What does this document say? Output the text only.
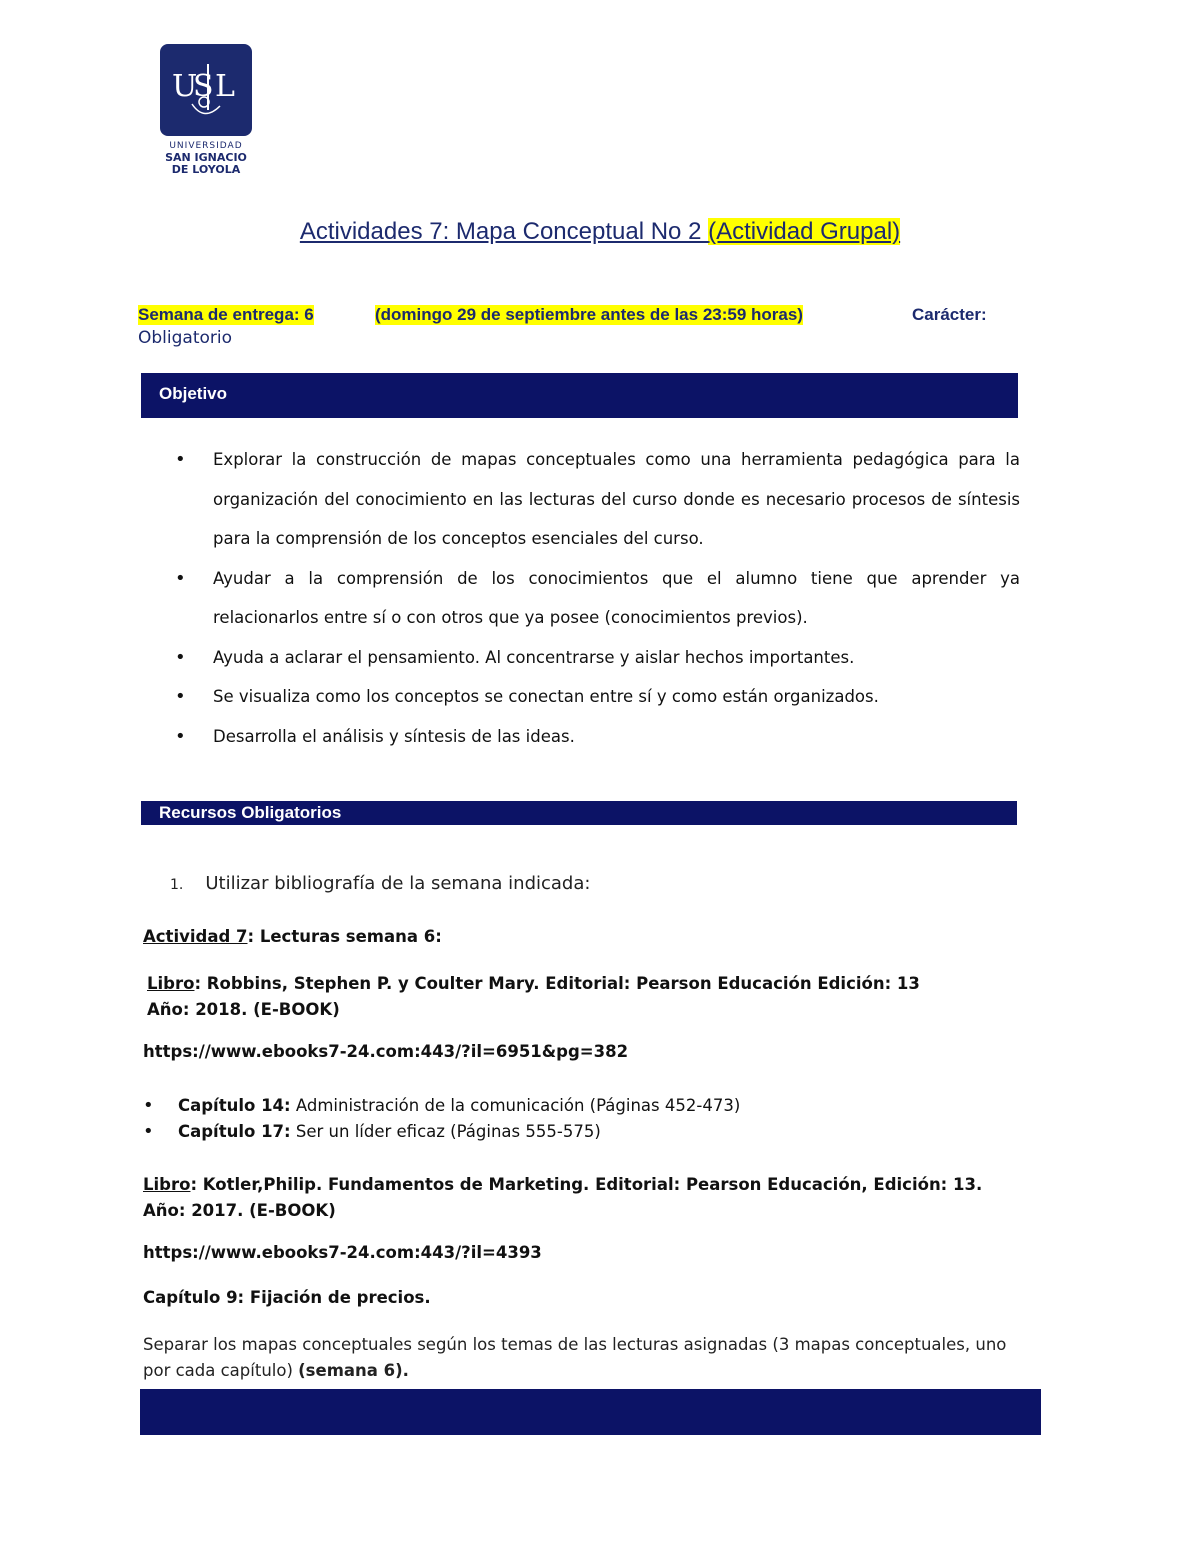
U
S L
UNIVERSIDAD
SAN IGNACIO
DE LOYOLA
Actividades 7: Mapa Conceptual No 2 (Actividad Grupal)
Semana de entrega: 6	(domingo 29 de septiembre antes de las 23:59 horas)	Carácter:
Obligatorio
Objetivo
• Explorar la construcción de mapas conceptuales como una herramienta pedagógica para la organización del conocimiento en las lecturas del curso donde es necesario procesos de síntesis para la comprensión de los conceptos esenciales del curso.
• Ayudar a la comprensión de los conocimientos que el alumno tiene que aprender ya relacionarlos entre sí o con otros que ya posee (conocimientos previos).
• Ayuda a aclarar el pensamiento. Al concentrarse y aislar hechos importantes.
• Se visualiza como los conceptos se conectan entre sí y como están organizados.
• Desarrolla el análisis y síntesis de las ideas.
Recursos Obligatorios
1. Utilizar bibliografía de la semana indicada:
Actividad 7: Lecturas semana 6:
Libro: Robbins, Stephen P. y Coulter Mary. Editorial: Pearson Educación Edición: 13 Año: 2018. (E-BOOK)
https://www.ebooks7-24.com:443/?il=6951&pg=382
• Capítulo 14: Administración de la comunicación (Páginas 452-473)
• Capítulo 17: Ser un líder eficaz (Páginas 555-575)
Libro: Kotler,Philip. Fundamentos de Marketing. Editorial: Pearson Educación, Edición: 13. Año: 2017. (E-BOOK)
https://www.ebooks7-24.com:443/?il=4393
Capítulo 9: Fijación de precios.
Separar los mapas conceptuales según los temas de las lecturas asignadas (3 mapas conceptuales, uno por cada capítulo) (semana 6).
